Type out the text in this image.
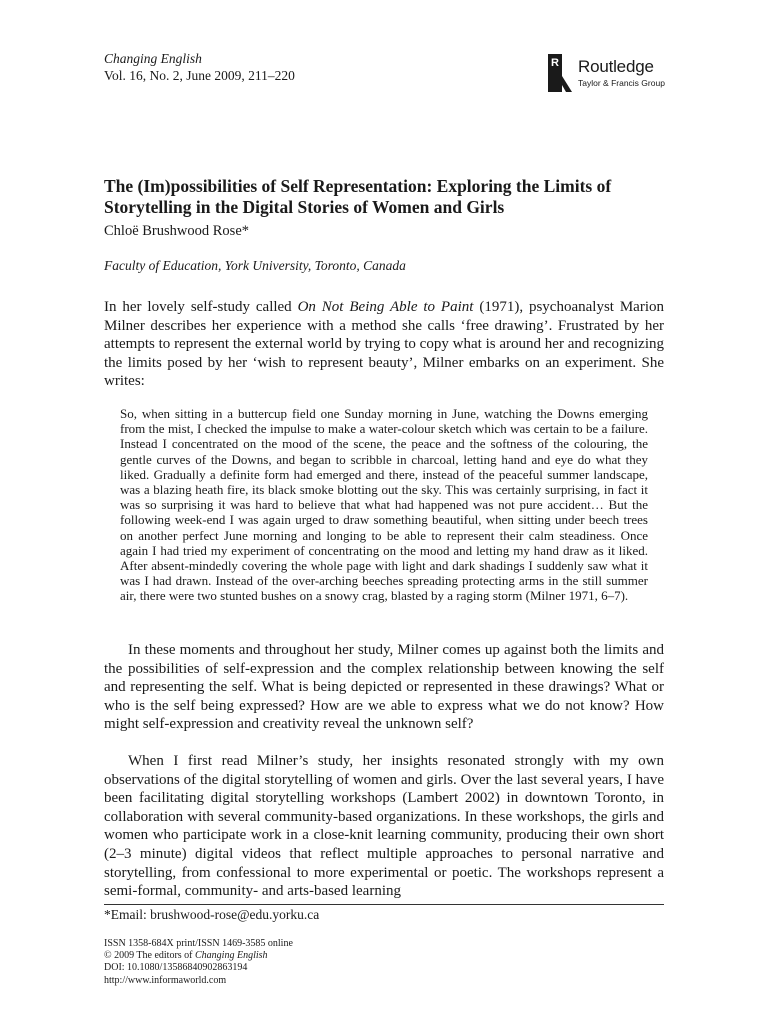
Changing English
Vol. 16, No. 2, June 2009, 211–220
R Routledge
Taylor & Francis Group
The (Im)possibilities of Self Representation: Exploring the Limits of Storytelling in the Digital Stories of Women and Girls
Chloë Brushwood Rose*
Faculty of Education, York University, Toronto, Canada

In her lovely self-study called On Not Being Able to Paint (1971), psychoanalyst Marion Milner describes her experience with a method she calls ‘free drawing’. Frustrated by her attempts to represent the external world by trying to copy what is around her and recognizing the limits posed by her ‘wish to represent beauty’, Milner embarks on an experiment. She writes:

So, when sitting in a buttercup field one Sunday morning in June, watching the Downs emerging from the mist, I checked the impulse to make a water-colour sketch which was certain to be a failure. Instead I concentrated on the mood of the scene, the peace and the softness of the colouring, the gentle curves of the Downs, and began to scribble in charcoal, letting hand and eye do what they liked. Gradually a definite form had emerged and there, instead of the peaceful summer landscape, was a blazing heath fire, its black smoke blotting out the sky. This was certainly surprising, in fact it was so surprising it was hard to believe that what had happened was not pure accident… But the following week-end I was again urged to draw something beautiful, when sitting under beech trees on another perfect June morning and longing to be able to represent their calm steadiness. Once again I had tried my experiment of concentrating on the mood and letting my hand draw as it liked. After absent-mindedly covering the whole page with light and dark shadings I suddenly saw what it was I had drawn. Instead of the over-arching beeches spreading protecting arms in the still summer air, there were two stunted bushes on a snowy crag, blasted by a raging storm (Milner 1971, 6–7).

In these moments and throughout her study, Milner comes up against both the limits and the possibilities of self-expression and the complex relationship between knowing the self and representing the self. What is being depicted or represented in these drawings? What or who is the self being expressed? How are we able to express what we do not know? How might self-expression and creativity reveal the unknown self?

When I first read Milner’s study, her insights resonated strongly with my own observations of the digital storytelling of women and girls. Over the last several years, I have been facilitating digital storytelling workshops (Lambert 2002) in downtown Toronto, in collaboration with several community-based organizations. In these workshops, the girls and women who participate work in a close-knit learning community, producing their own short (2–3 minute) digital videos that reflect multiple approaches to personal narrative and storytelling, from confessional to more experimental or poetic. The workshops represent a semi-formal, community- and arts-based learning

*Email: brushwood-rose@edu.yorku.ca
ISSN 1358-684X print/ISSN 1469-3585 online
© 2009 The editors of Changing English
DOI: 10.1080/13586840902863194
http://www.informaworld.com
